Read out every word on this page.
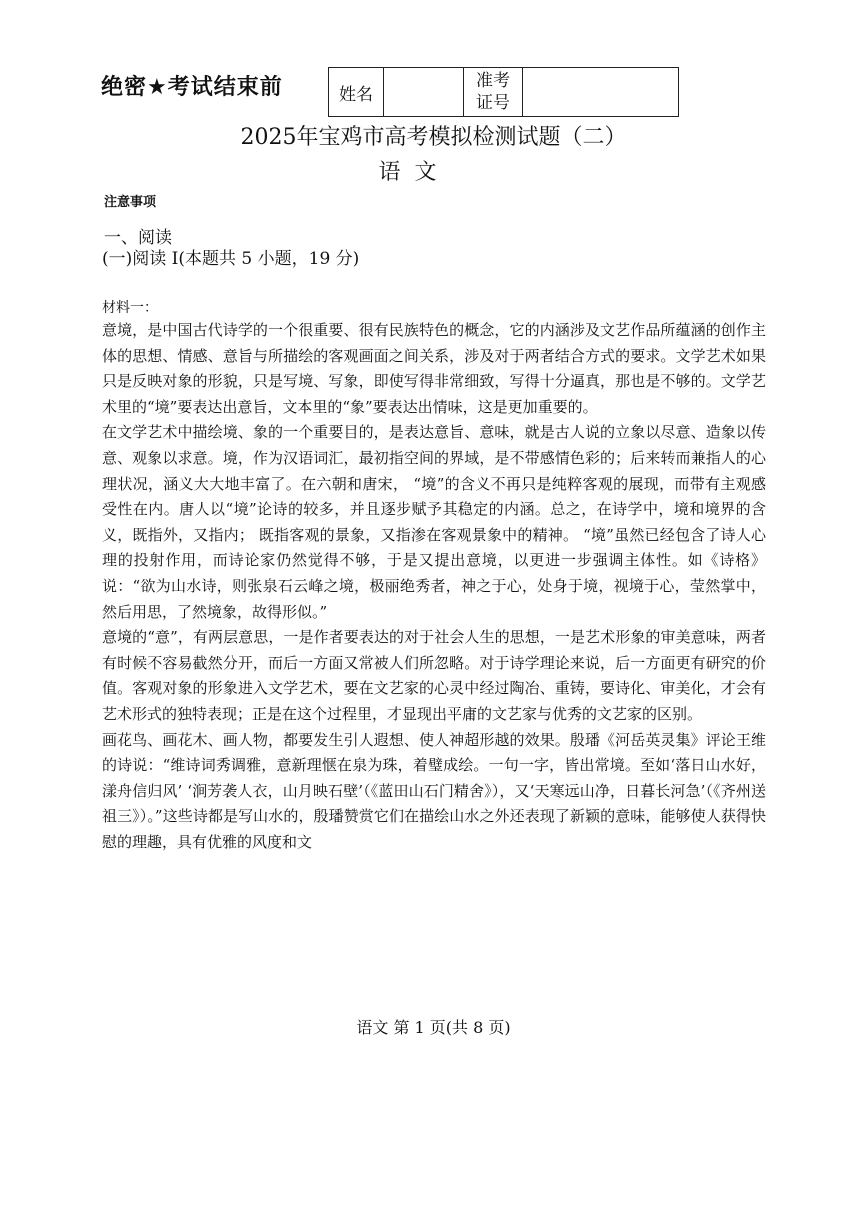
绝密★考试结束前	姓名		
准考
证号

2025年宝鸡市高考模拟检测试题（二）
语文
注意事项
一、阅读
(一)阅读 I(本题共 5 小题，19 分)
材料一：

意境，是中国古代诗学的一个很重要、很有民族特色的概念，它的内涵涉及文艺作品所蕴涵的创作主体的思想、情感、意旨与所描绘的客观画面之间关系，涉及对于两者结合方式的要求。文学艺术如果只是反映对象的形貌，只是写境、写象，即使写得非常细致，写得十分逼真，那也是不够的。文学艺术里的“境”要表达出意旨，文本里的“象”要表达出情味，这是更加重要的。

在文学艺术中描绘境、象的一个重要目的，是表达意旨、意味，就是古人说的立象以尽意、造象以传意、观象以求意。境，作为汉语词汇，最初指空间的界域，是不带感情色彩的；后来转而兼指人的心理状况，涵义大大地丰富了。在六朝和唐宋， “境”的含义不再只是纯粹客观的展现，而带有主观感受性在内。唐人以“境”论诗的较多，并且逐步赋予其稳定的内涵。总之，在诗学中，境和境界的含义，既指外，又指内； 既指客观的景象，又指渗在客观景象中的精神。 “境”虽然已经包含了诗人心理的投射作用，而诗论家仍然觉得不够，于是又提出意境，以更进一步强调主体性。如《诗格》说：“欲为山水诗，则张泉石云峰之境，极丽绝秀者，神之于心，处身于境，视境于心，莹然掌中，然后用思，了然境象，故得形似。”

意境的“意”，有两层意思，一是作者要表达的对于社会人生的思想，一是艺术形象的审美意味，两者有时候不容易截然分开，而后一方面又常被人们所忽略。对于诗学理论来说，后一方面更有研究的价值。客观对象的形象进入文学艺术，要在文艺家的心灵中经过陶冶、重铸，要诗化、审美化，才会有艺术形式的独特表现；正是在这个过程里，才显现出平庸的文艺家与优秀的文艺家的区别。

画花鸟、画花木、画人物，都要发生引人遐想、使人神超形越的效果。殷璠《河岳英灵集》评论王维的诗说：“维诗词秀调雅，意新理惬在泉为珠，着璧成绘。一句一字，皆出常境。至如‘落日山水好，漾舟信归风’ ‘涧芳袭人衣，山月映石壁’（《蓝田山石门精舍》），又‘天寒远山净，日暮长河急’（《齐州送祖三》）。”这些诗都是写山水的，殷璠赞赏它们在描绘山水之外还表现了新颖的意味，能够使人获得快慰的理趣，具有优雅的风度和文

语文 第 1 页(共 8 页)
